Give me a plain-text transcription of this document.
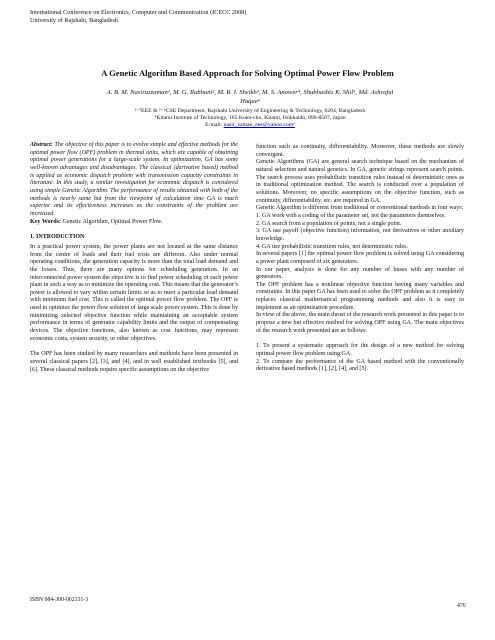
International Conference on Electronics, Computer and Communication (ICECC 2008)
University of Rajshahi, Bangladesh
A Genetic Algorithm Based Approach for Solving Optimal Power Flow Problem
A. B. M. Nasiruzzaman¹, M. G. Rabbani², M. R. I. Sheikh³, M. S. Anower⁴, Shubhashis K. Shil⁵, Md. Ashraful
Haque⁶
¹⁻³EEE & ⁵⁻⁶CSE Department, Rajshahi University of Engineering & Technology, 6204, Bangladesh
⁴Kitami Institute of Technology, 165 Koen-cho, Kitami, Hokkaido, 090-8507, Japan
E-mail: nasir_zaman_eee@yahoo.com¹

Abstract: The objective of this paper is to evolve simple and effective methods for the optimal power flow (OPF) problem in thermal units, which are capable of obtaining optimal power generations for a large-scale system. In optimization, GA has some well-known advantages and disadvantages. The classical (derivative based) method is applied as economic dispatch problem with transmission capacity constraints in literature. In this study, a similar investigation for economic dispatch is considered using simple Genetic Algorithm. The performance of results obtained with both of the methods is nearly same but from the viewpoint of calculation time GA is much superior and its effectiveness increases as the constraints of the problem are increased.

Key Words: Genetic Algorithm, Optimal Power Flow.

1. INTRODUCTION

In a practical power system, the power plants are not located at the same distance from the centre of loads and their fuel costs are different. Also under normal operating conditions, the generation capacity is more than the total load demand and the losses. Thus, there are many options for scheduling generation. In an interconnected power system the objective is to find power scheduling of each power plant in such a way as to minimize the operating cost. This means that the generator’s power is allowed to vary within certain limits so as to meet a particular load demand with minimum fuel cost. This is called the optimal power flow problem. The OPF is used to optimize the power flow solution of large scale power system. This is done by minimizing selected objective function while maintaining an acceptable system performance in terms of generator capability limits and the output of compensating devices. The objective functions, also known as cost functions, may represent economic costs, system security, or other objectives.

The OPF has been studied by many researchers and methods have been presented in several classical papers [2], [3], and [4], and in well established textbooks [5], and [6]. These classical methods require specific assumptions on the objective

function such as continuity, differentiability. Moreover, these methods are slowly convergent.

Genetic Algorithms (GA) are general search technique based on the mechanism of natural selection and natural genetics. In GA, genetic strings represent search points. The search process uses probabilistic transition rules instead of deterministic ones as in traditional optimization method. The search is conducted over a population of solutions. Moreover, no specific assumptions on the objective function, such as continuity, differentiability, etc. are required in GA.

Genetic Algorithm is different from traditional or conventional methods in four ways:

1. GA work with a coding of the parameter set, not the parameters themselves.

2. GA search from a population of points, not a single point.

3. GA use payoff (objective function) information, not derivatives or other auxiliary knowledge.

4. GA use probabilistic transition rules, not deterministic rules.

In several papers [1] the optimal power flow problem is solved using GA considering a power plant composed of six generators.

In our paper, analysis is done for any number of buses with any number of generators.

The OPF problem has a nonlinear objective function having many variables and constraints. In this paper GA has been used to solve the OPF problem as it completely replaces classical mathematical programming methods and also it is easy to implement as an optimization procedure.

In view of the above, the main thrust of the research work presented in this paper is to propose a new but effective method for solving OPF using GA. The main objectives of the research work presented are as follows:

1. To present a systematic approach for the design of a new method for solving optimal power flow problem using GA.

2. To compare the performance of the GA based method with the conventionally derivative based methods [1], [2], [4], and [5].

ISBN 984-300-002131-3
476
